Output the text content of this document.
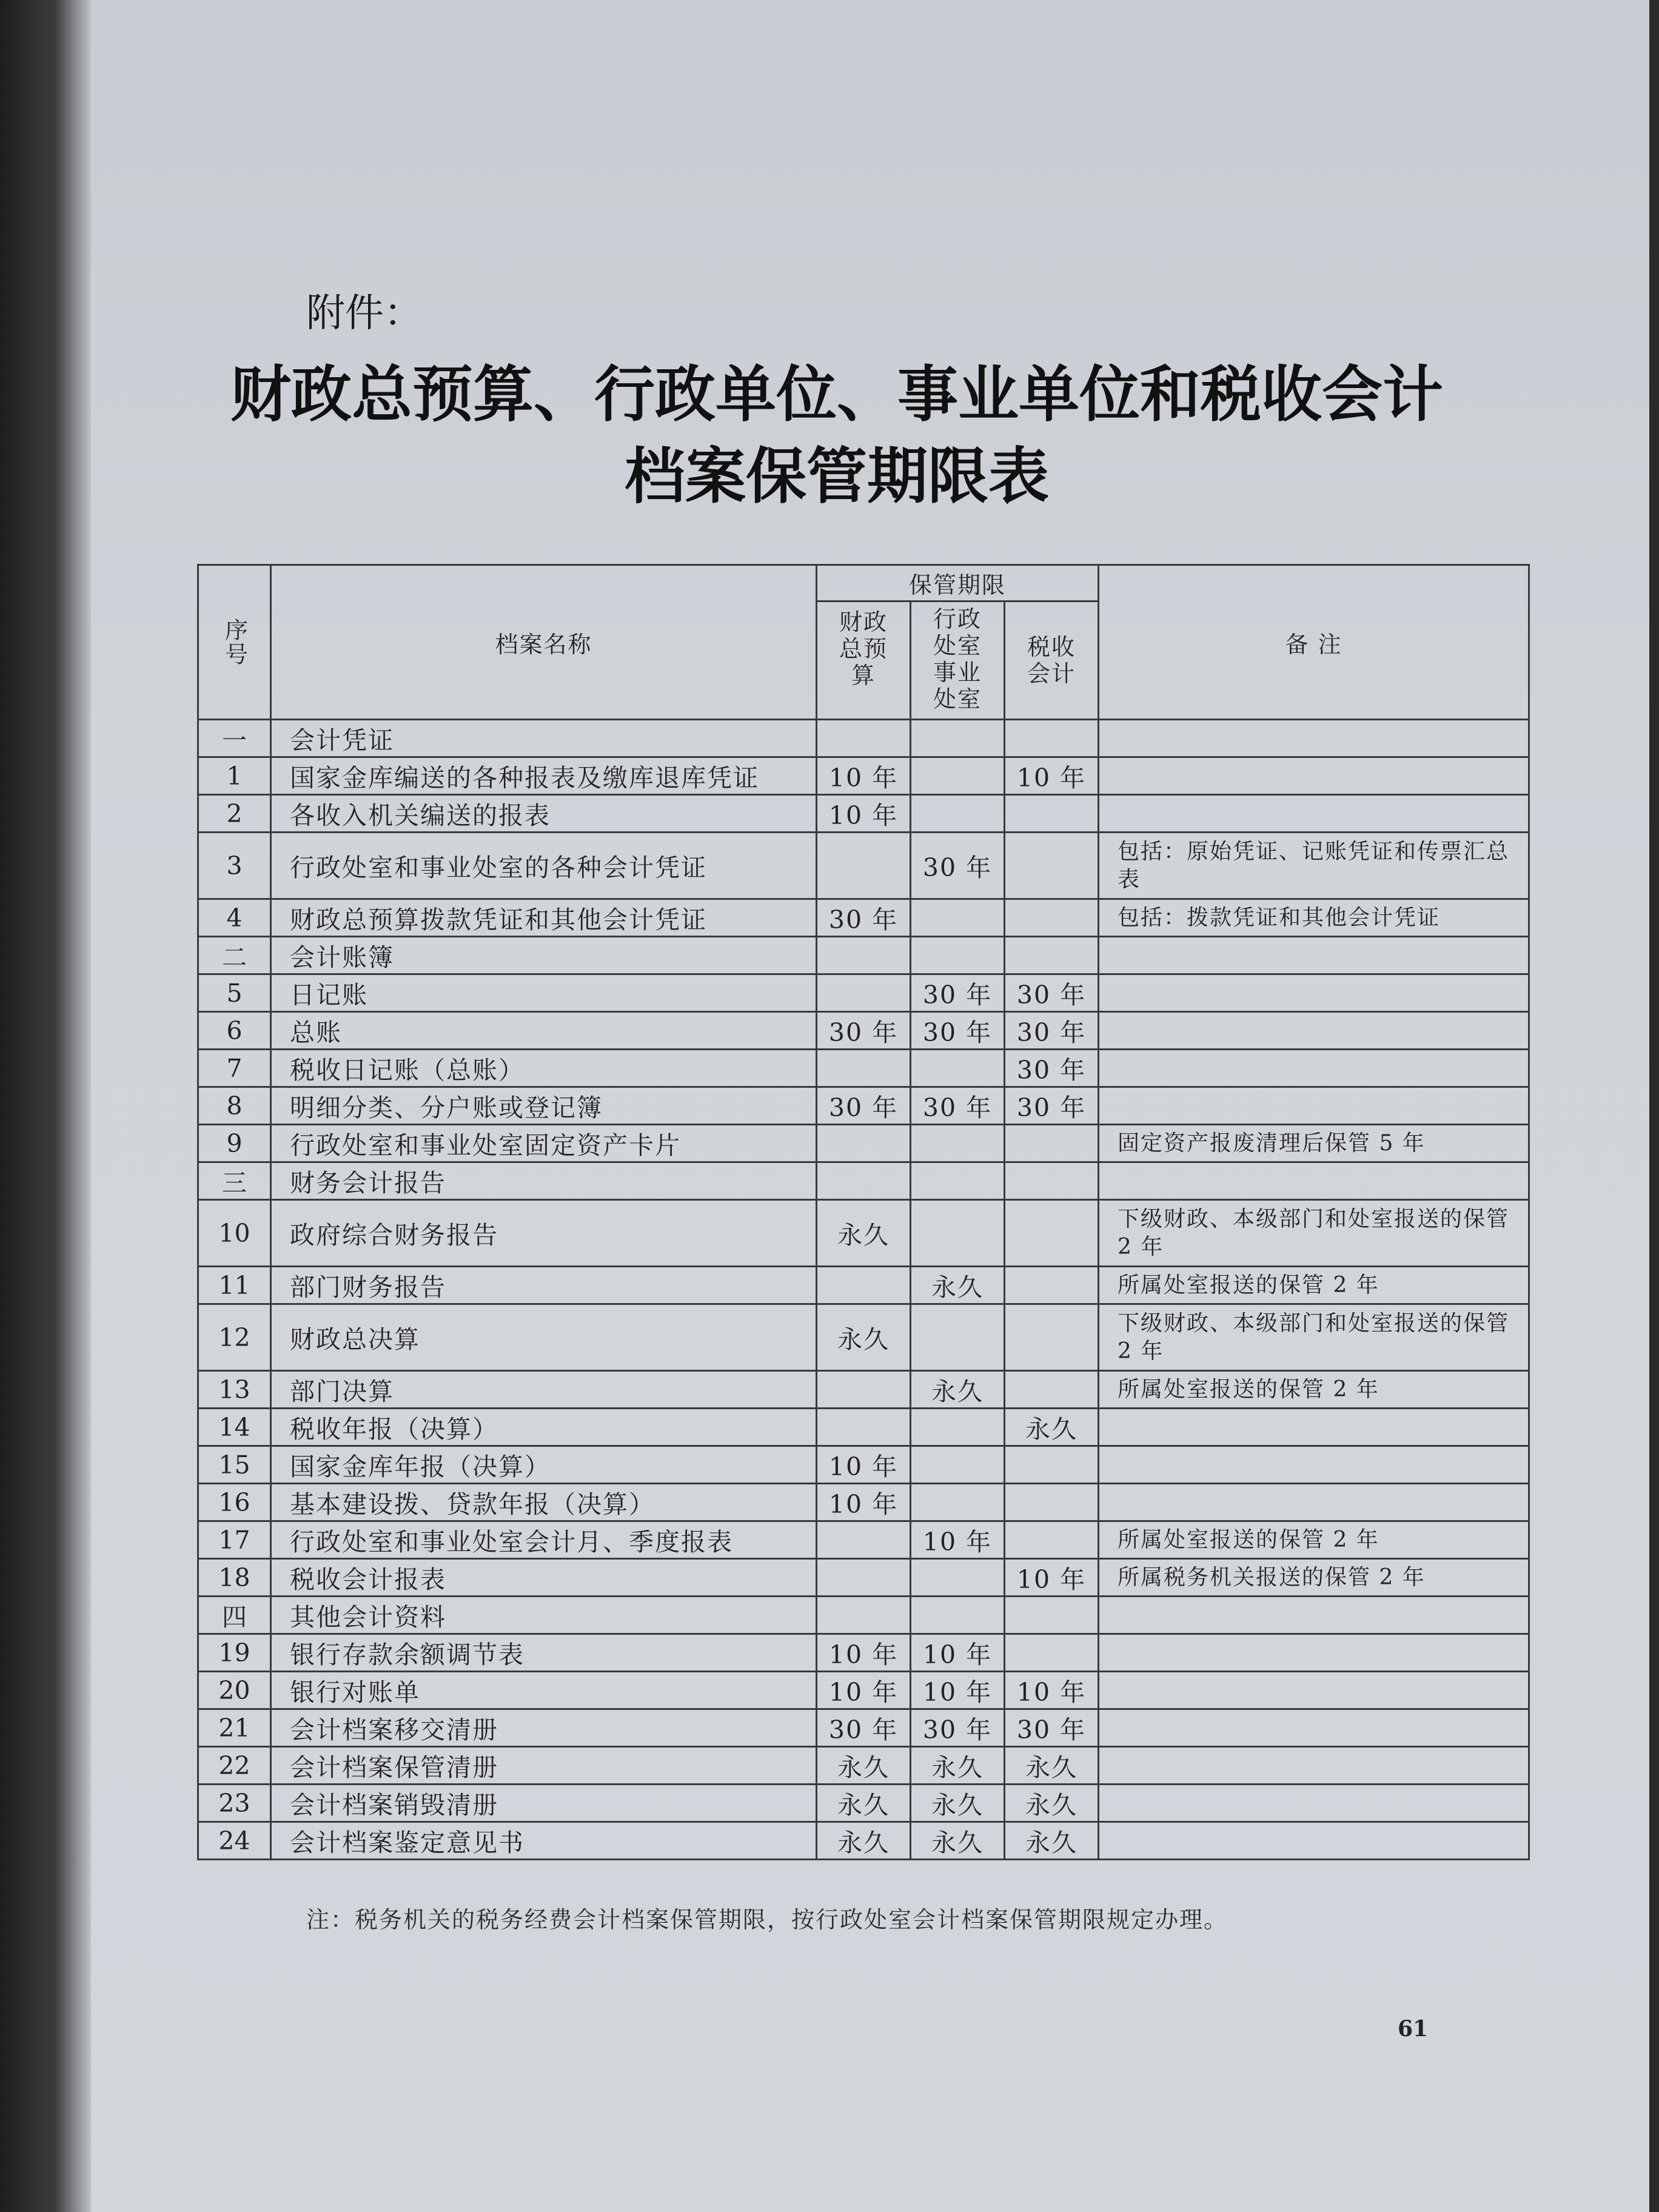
附件：
财政总预算、行政单位、事业单位和税收会计
档案保管期限表
序号	档案名称	保管期限			备 注

		财政总预算	行政处室事业处室	税收
会计	

一	会计凭证				
1	国家金库编送的各种报表及缴库退库凭证	10 年		10 年	
2	各收入机关编送的报表	10 年			
3	行政处室和事业处室的各种会计凭证		30 年		包括：原始凭证、记账凭证和传票汇总表
4	财政总预算拨款凭证和其他会计凭证	30 年			包括：拨款凭证和其他会计凭证
二	会计账簿				
5	日记账		30 年	30 年	
6	总账	30 年	30 年	30 年	
7	税收日记账（总账）			30 年	
8	明细分类、分户账或登记簿	30 年	30 年	30 年	
9	行政处室和事业处室固定资产卡片				固定资产报废清理后保管 5 年
三	财务会计报告				
10	政府综合财务报告	永久			下级财政、本级部门和处室报送的保管 2 年
11	部门财务报告		永久		所属处室报送的保管 2 年
12	财政总决算	永久			下级财政、本级部门和处室报送的保管 2 年
13	部门决算		永久		所属处室报送的保管 2 年
14	税收年报（决算）			永久	
15	国家金库年报（决算）	10 年			
16	基本建设拨、贷款年报（决算）	10 年			
17	行政处室和事业处室会计月、季度报表		10 年		所属处室报送的保管 2 年
18	税收会计报表			10 年	所属税务机关报送的保管 2 年
四	其他会计资料				
19	银行存款余额调节表	10 年	10 年		
20	银行对账单	10 年	10 年	10 年	
21	会计档案移交清册	30 年	30 年	30 年	
22	会计档案保管清册	永久	永久	永久	
23	会计档案销毁清册	永久	永久	永久	
24	会计档案鉴定意见书	永久	永久	永久	
注：税务机关的税务经费会计档案保管期限，按行政处室会计档案保管期限规定办理。
61
